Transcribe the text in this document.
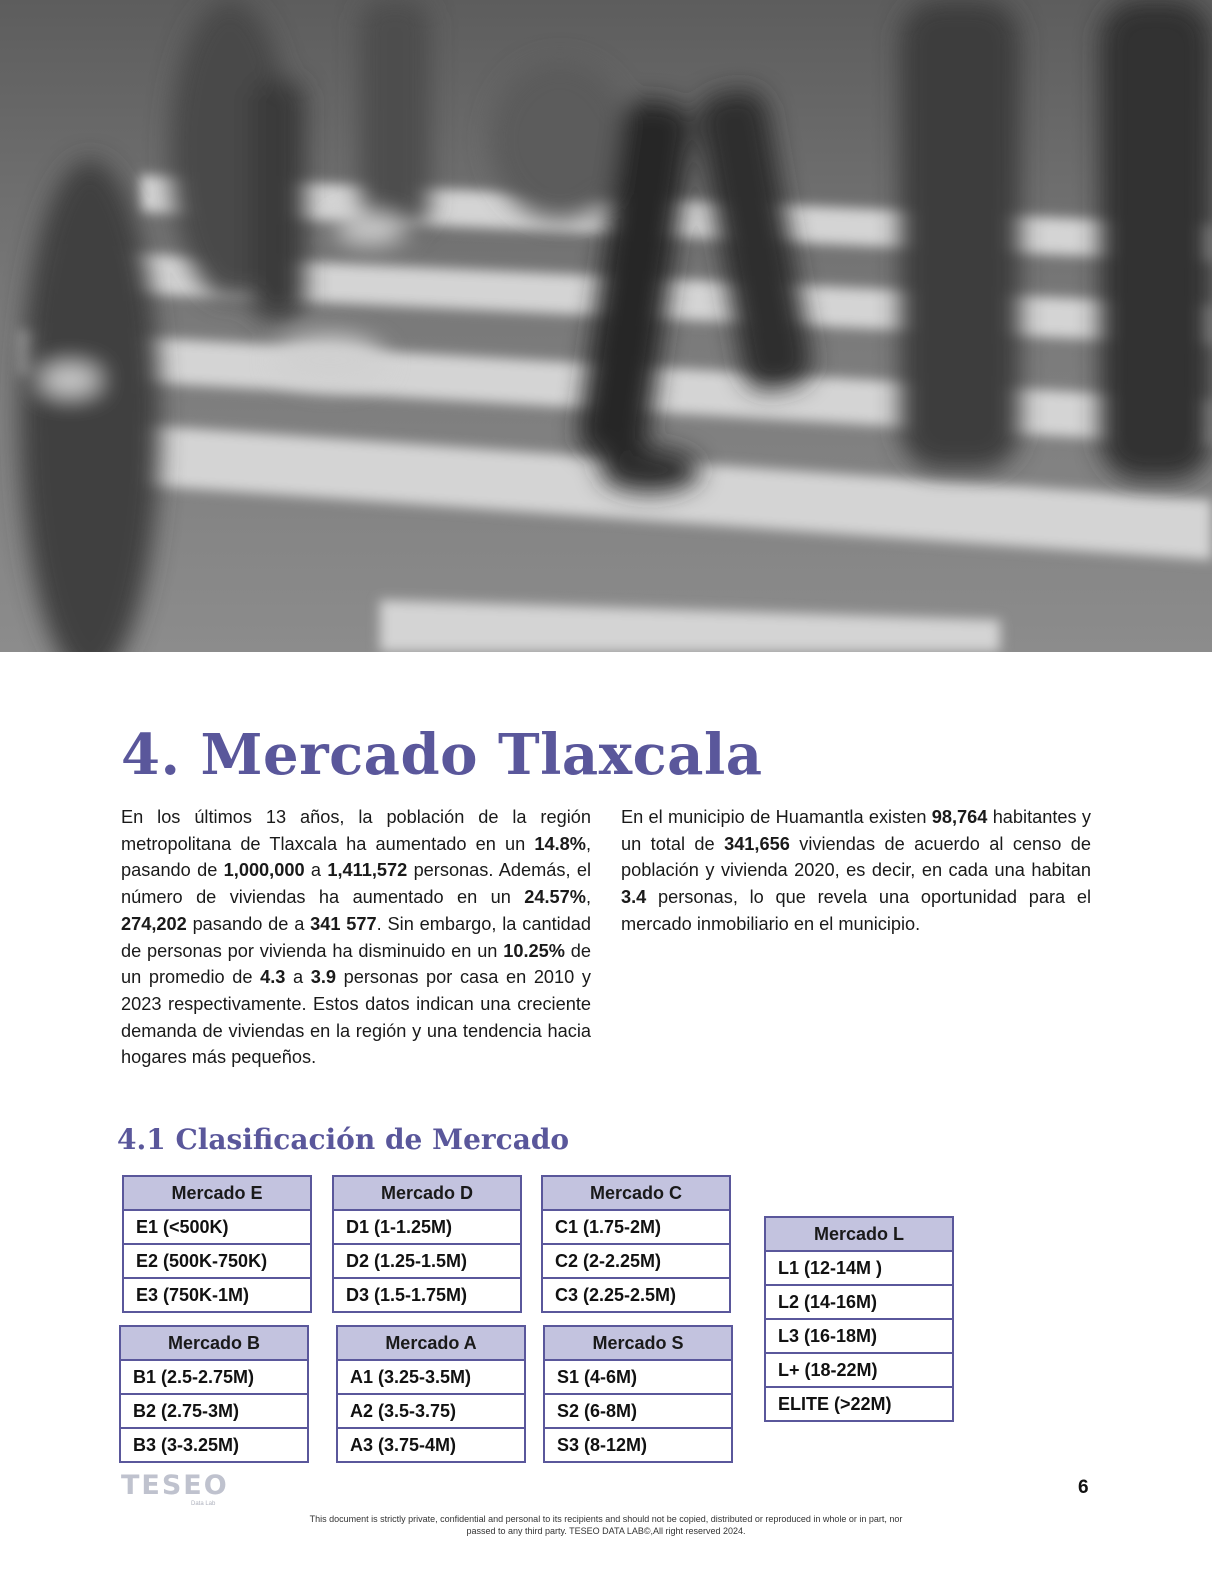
4. Mercado Tlaxcala

En los últimos 13 años, la población de la región metropolitana de Tlaxcala ha aumentado en un 14.8%, pasando de 1,000,000 a 1,411,572 personas. Además, el número de viviendas ha aumentado en un 24.57%, 274,202 pasando de a 341 577. Sin embargo, la cantidad de personas por vivienda ha disminuido en un 10.25% de un promedio de 4.3 a 3.9 personas por casa en 2010 y 2023 respectivamente. Estos datos indican una creciente demanda de viviendas en la región y una tendencia hacia hogares más pequeños.

En el municipio de Huamantla existen 98,764 habitantes y un total de 341,656 viviendas de acuerdo al censo de población y vivienda 2020, es decir, en cada una habitan 3.4 personas, lo que revela una oportunidad para el mercado inmobiliario en el municipio.

4.1 Clasificación de Mercado
Mercado E
E1 (<500K)
E2 (500K-750K)
E3 (750K-1M)
Mercado D
D1 (1-1.25M)
D2 (1.25-1.5M)
D3 (1.5-1.75M)
Mercado C
C1 (1.75-2M)
C2 (2-2.25M)
C3 (2.25-2.5M)
Mercado B
B1 (2.5-2.75M)
B2 (2.75-3M)
B3 (3-3.25M)
Mercado A
A1 (3.25-3.5M)
A2 (3.5-3.75)
A3 (3.75-4M)
Mercado S
S1 (4-6M)
S2 (6-8M)
S3 (8-12M)
Mercado L
L1 (12-14M )
L2 (14-16M)
L3 (16-18M)
L+ (18-22M)
ELITE (>22M)
TESEO
Data Lab
6
This document is strictly private, confidential and personal to its recipients and should not be copied, distributed or reproduced in whole or in part, nor passed to any third party. TESEO DATA LAB©,All right reserved 2024.
